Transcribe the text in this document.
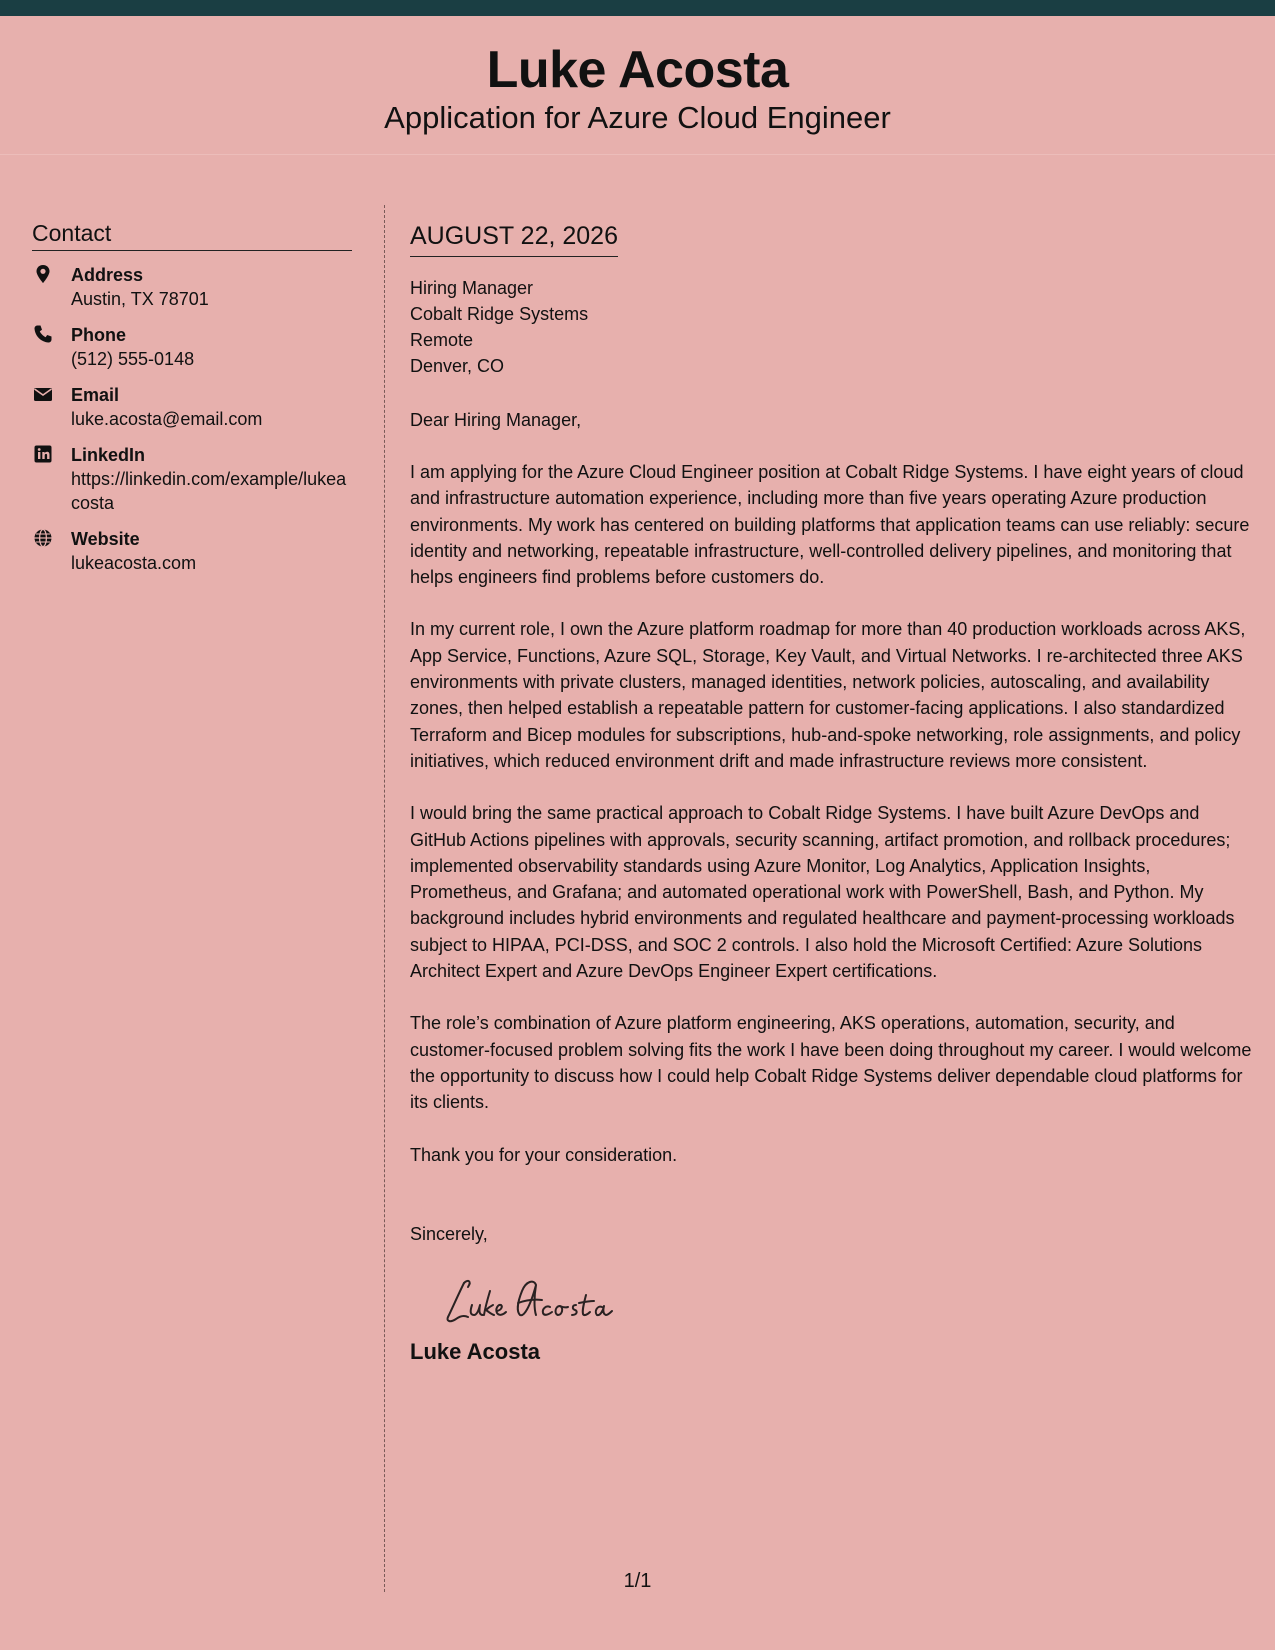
Luke Acosta
Application for Azure Cloud Engineer
Contact
Address
Austin, TX 78701
Phone
(512) 555-0148
Email
luke.acosta@email.com
LinkedIn
https://linkedin.com/example/lukeacosta
Website
lukeacosta.com
AUGUST 22, 2026
Hiring Manager
Cobalt Ridge Systems
Remote
Denver, CO
Dear Hiring Manager,
I am applying for the Azure Cloud Engineer position at Cobalt Ridge Systems. I have eight years of cloud and infrastructure automation experience, including more than five years operating Azure production environments. My work has centered on building platforms that application teams can use reliably: secure identity and networking, repeatable infrastructure, well-controlled delivery pipelines, and monitoring that helps engineers find problems before customers do.
In my current role, I own the Azure platform roadmap for more than 40 production workloads across AKS, App Service, Functions, Azure SQL, Storage, Key Vault, and Virtual Networks. I re-architected three AKS environments with private clusters, managed identities, network policies, autoscaling, and availability zones, then helped establish a repeatable pattern for customer-facing applications. I also standardized Terraform and Bicep modules for subscriptions, hub-and-spoke networking, role assignments, and policy initiatives, which reduced environment drift and made infrastructure reviews more consistent.
I would bring the same practical approach to Cobalt Ridge Systems. I have built Azure DevOps and GitHub Actions pipelines with approvals, security scanning, artifact promotion, and rollback procedures; implemented observability standards using Azure Monitor, Log Analytics, Application Insights, Prometheus, and Grafana; and automated operational work with PowerShell, Bash, and Python. My background includes hybrid environments and regulated healthcare and payment-processing workloads subject to HIPAA, PCI-DSS, and SOC 2 controls. I also hold the Microsoft Certified: Azure Solutions Architect Expert and Azure DevOps Engineer Expert certifications.
The role’s combination of Azure platform engineering, AKS operations, automation, security, and customer-focused problem solving fits the work I have been doing throughout my career. I would welcome the opportunity to discuss how I could help Cobalt Ridge Systems deliver dependable cloud platforms for its clients.
Thank you for your consideration.
Sincerely,
Luke Acosta
1/1
